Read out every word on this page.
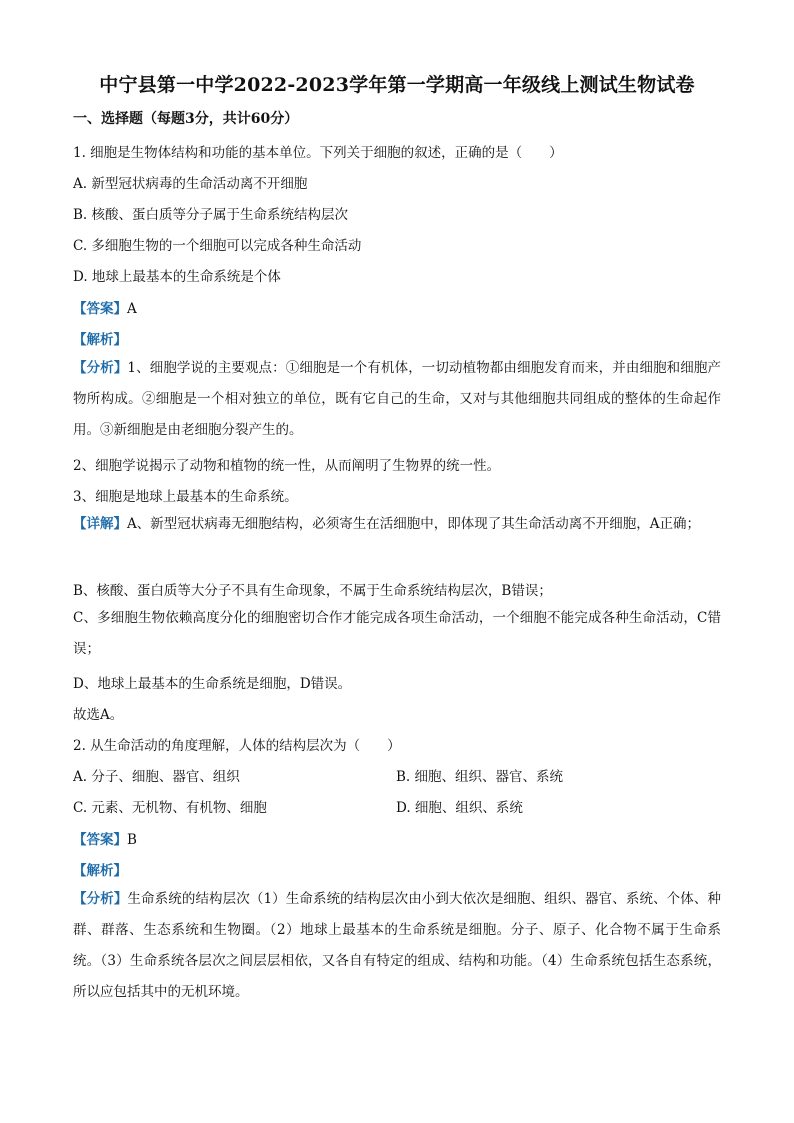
中宁县第一中学2022-2023学年第一学期高一年级线上测试生物试卷
一、选择题（每题3分，共计60分）
1. 细胞是生物体结构和功能的基本单位。下列关于细胞的叙述，正确的是（　　）
A. 新型冠状病毒的生命活动离不开细胞
B. 核酸、蛋白质等分子属于生命系统结构层次
C. 多细胞生物的一个细胞可以完成各种生命活动
D. 地球上最基本的生命系统是个体
【答案】A
【解析】
【分析】1、细胞学说的主要观点：①细胞是一个有机体，一切动植物都由细胞发育而来，并由细胞和细胞产物所构成。②细胞是一个相对独立的单位，既有它自己的生命，又对与其他细胞共同组成的整体的生命起作用。③新细胞是由老细胞分裂产生的。
2、细胞学说揭示了动物和植物的统一性，从而阐明了生物界的统一性。
3、细胞是地球上最基本的生命系统。
【详解】A、新型冠状病毒无细胞结构，必须寄生在活细胞中，即体现了其生命活动离不开细胞，A正确；
B、核酸、蛋白质等大分子不具有生命现象，不属于生命系统结构层次，B错误；
C、多细胞生物依赖高度分化的细胞密切合作才能完成各项生命活动，一个细胞不能完成各种生命活动，C错误；
D、地球上最基本的生命系统是细胞，D错误。
故选A。
2. 从生命活动的角度理解，人体的结构层次为（　　）
A. 分子、细胞、器官、组织	B. 细胞、组织、器官、系统
C. 元素、无机物、有机物、细胞	D. 细胞、组织、系统
【答案】B
【解析】
【分析】生命系统的结构层次（1）生命系统的结构层次由小到大依次是细胞、组织、器官、系统、个体、种群、群落、生态系统和生物圈。（2）地球上最基本的生命系统是细胞。分子、原子、化合物不属于生命系统。（3）生命系统各层次之间层层相依，又各自有特定的组成、结构和功能。（4）生命系统包括生态系统，所以应包括其中的无机环境。
